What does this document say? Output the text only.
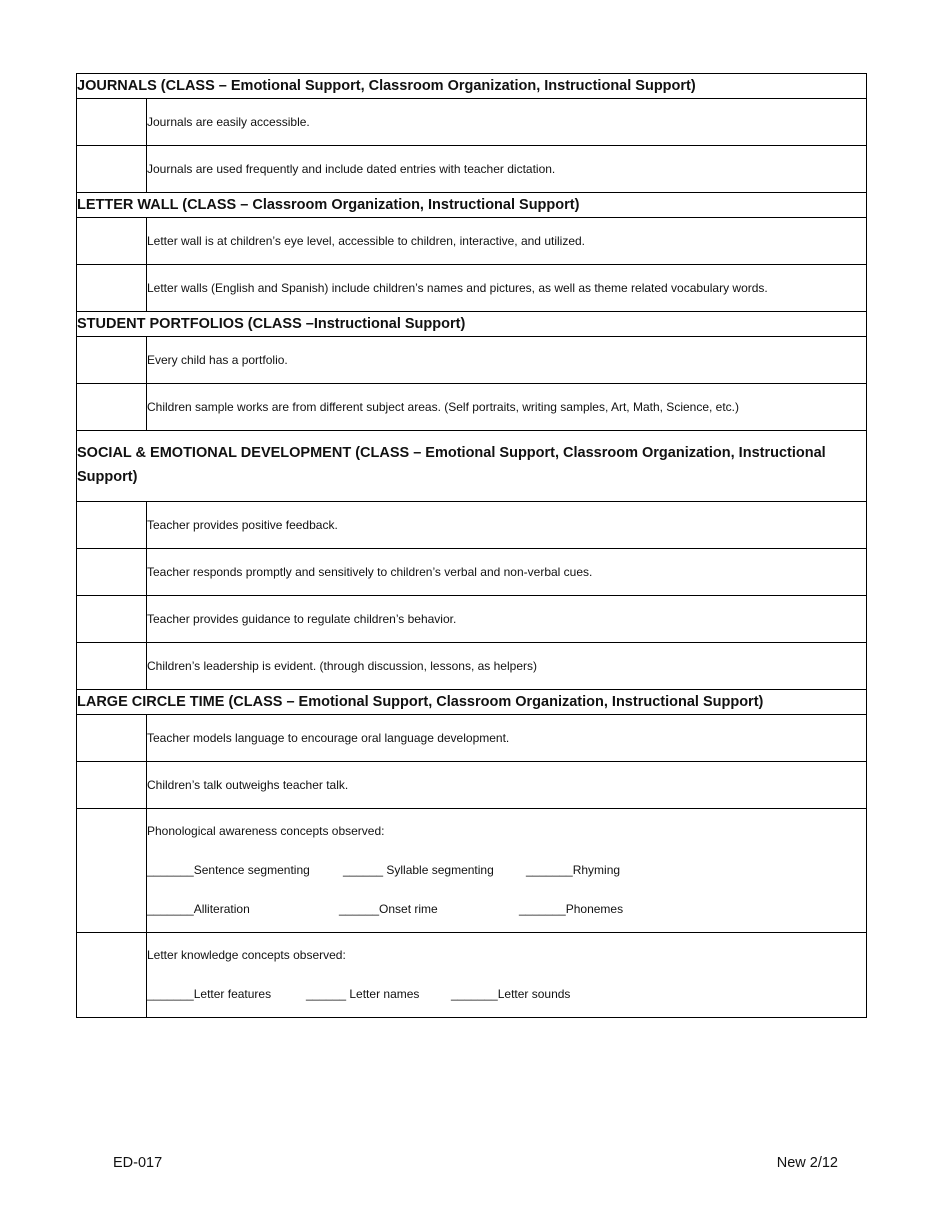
JOURNALS (CLASS – Emotional Support, Classroom Organization, Instructional Support)	
	Journals are easily accessible.
	Journals are used frequently and include dated entries with teacher dictation.
LETTER WALL (CLASS – Classroom Organization, Instructional Support)	
	Letter wall is at children’s eye level, accessible to children, interactive, and utilized.
	Letter walls (English and Spanish) include children’s names and pictures, as well as theme related vocabulary words.
STUDENT PORTFOLIOS (CLASS –Instructional Support)	
	Every child has a portfolio.
	Children sample works are from different subject areas. (Self portraits, writing samples, Art, Math, Science, etc.)
SOCIAL & EMOTIONAL DEVELOPMENT (CLASS – Emotional Support, Classroom Organization, Instructional Support)	
	Teacher provides positive feedback.
	Teacher responds promptly and sensitively to children’s verbal and non-verbal cues.
	Teacher provides guidance to regulate children’s behavior.
	Children’s leadership is evident. (through discussion, lessons, as helpers)
LARGE CIRCLE TIME (CLASS – Emotional Support, Classroom Organization, Instructional Support)	
	Teacher models language to encourage oral language development.
	Children’s talk outweighs teacher talk.

	Phonological awareness concepts observed:
_______Sentence segmenting ______ Syllable segmenting _______Rhyming
_______Alliteration ______Onset rime _______Phonemes

	Letter knowledge concepts observed:
_______Letter features ______ Letter names _______Letter sounds
ED-017	New 2/12
